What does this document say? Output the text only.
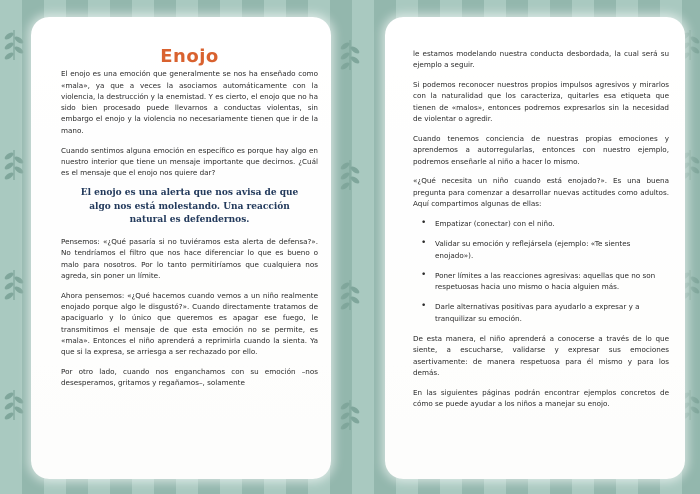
Enojo

El enojo es una emoción que generalmente se nos ha enseñado como «mala», ya que a veces la asociamos automáticamente con la violencia, la destrucción y la enemistad. Y es cierto, el enojo que no ha sido bien procesado puede llevarnos a conductas violentas, sin embargo el enojo y la violencia no necesariamente tienen que ir de la mano.

Cuando sentimos alguna emoción en específico es porque hay algo en nuestro interior que tiene un mensaje importante que decirnos. ¿Cuál es el mensaje que el enojo nos quiere dar?

El enojo es una alerta que nos avisa de que algo nos está molestando. Una reacción natural es defendernos.

Pensemos: «¿Qué pasaría si no tuviéramos esta alerta de defensa?». No tendríamos el filtro que nos hace diferenciar lo que es bueno o malo para nosotros. Por lo tanto permitiríamos que cualquiera nos agreda, sin poner un límite.

Ahora pensemos: «¿Qué hacemos cuando vemos a un niño realmente enojado porque algo le disgustó?». Cuando directamente tratamos de apaciguarlo y lo único que queremos es apagar ese fuego, le transmitimos el mensaje de que esta emoción no se permite, es «mala». Entonces el niño aprenderá a reprimirla cuando la sienta. Ya que si la expresa, se arriesga a ser rechazado por ello.

Por otro lado, cuando nos enganchamos con su emoción –nos desesperamos, gritamos y regañamos–, solamente

le estamos modelando nuestra conducta desbordada, la cual será su ejemplo a seguir.

Si podemos reconocer nuestros propios impulsos agresivos y mirarlos con la naturalidad que los caracteriza, quitarles esa etiqueta que tienen de «malos», entonces podremos expresarlos sin la necesidad de violentar o agredir.

Cuando tenemos conciencia de nuestras propias emociones y aprendemos a autorregularlas, entonces con nuestro ejemplo, podremos enseñarle al niño a hacer lo mismo.

«¿Qué necesita un niño cuando está enojado?». Es una buena pregunta para comenzar a desarrollar nuevas actitudes como adultos. Aquí compartimos algunas de ellas:

• Empatizar (conectar) con el niño.
• Validar su emoción y reflejársela (ejemplo: «Te sientes enojado»).
• Poner límites a las reacciones agresivas: aquellas que no son respetuosas hacia uno mismo o hacia alguien más.
• Darle alternativas positivas para ayudarlo a expresar y a tranquilizar su emoción.

De esta manera, el niño aprenderá a conocerse a través de lo que siente, a escucharse, validarse y expresar sus emociones asertivamente: de manera respetuosa para él mismo y para los demás.

En las siguientes páginas podrán encontrar ejemplos concretos de cómo se puede ayudar a los niños a manejar su enojo.
